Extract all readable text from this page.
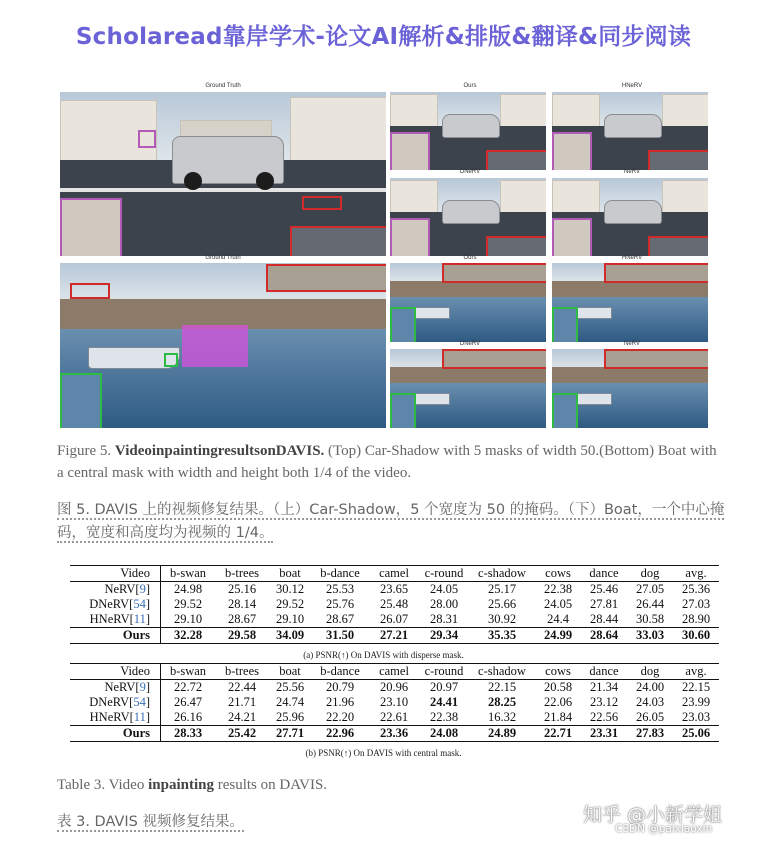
Scholaread靠岸学术-论文AI解析&排版&翻译&同步阅读
Ground Truth	Ours	HNeRV
DNeRV	NeRV
Ground Truth	Ours	HNeRV
DNeRV	NeRV
Figure 5. VideoinpaintingresultsonDAVIS. (Top) Car-Shadow with 5 masks of width 50.(Bottom) Boat with a central mask with width and height both 1/4 of the video.
图 5. DAVIS 上的视频修复结果。（上）Car-Shadow，5 个宽度为 50 的掩码。（下）Boat，一个中心掩
码，宽度和高度均为视频的 1/4。
Video	b-swan	b-trees	boat	b-dance	camel	c-round	c-shadow	cows	dance	dog	avg.
NeRV[9]	24.98	25.16	30.12	25.53	23.65	24.05	25.17	22.38	25.46	27.05	25.36
DNeRV[54]	29.52	28.14	29.52	25.76	25.48	28.00	25.66	24.05	27.81	26.44	27.03
HNeRV[11]	29.10	28.67	29.10	28.67	26.07	28.31	30.92	24.4	28.44	30.58	28.90
Ours	32.28	29.58	34.09	31.50	27.21	29.34	35.35	24.99	28.64	33.03	30.60
(a) PSNR(↑) On DAVIS with disperse mask.
Video	b-swan	b-trees	boat	b-dance	camel	c-round	c-shadow	cows	dance	dog	avg.
NeRV[9]	22.72	22.44	25.56	20.79	20.96	20.97	22.15	20.58	21.34	24.00	22.15
DNeRV[54]	26.47	21.71	24.74	21.96	23.10	24.41	28.25	22.06	23.12	24.03	23.99
HNeRV[11]	26.16	24.21	25.96	22.20	22.61	22.38	16.32	21.84	22.56	26.05	23.03
Ours	28.33	25.42	27.71	22.96	23.36	24.08	24.89	22.71	23.31	27.83	25.06
(b) PSNR(↑) On DAVIS with central mask.
Table 3. Video inpainting results on DAVIS.
表 3. DAVIS 视频修复结果。	知乎 @小新学姐
CSDN @paixiaoxin
